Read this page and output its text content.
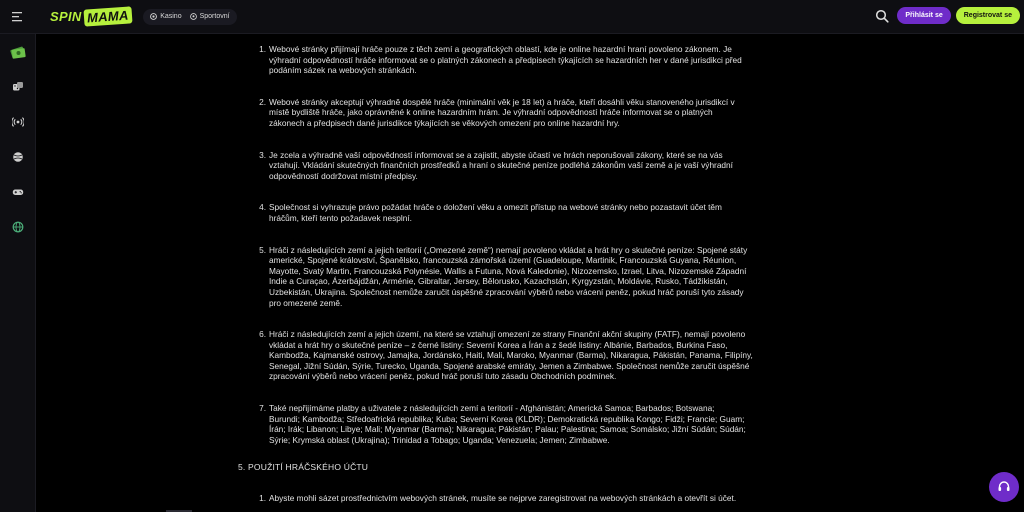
SPIN MAMA	Kasino	Sportovní	Přihlásit se	Registrovat se
1. Webové stránky přijímají hráče pouze z těch zemí a geografických oblastí, kde je online hazardní hraní povoleno zákonem. Je
výhradní odpovědností hráče informovat se o platných zákonech a předpisech týkajících se hazardních her v dané jurisdikci před
podáním sázek na webových stránkách.
2. Webové stránky akceptují výhradně dospělé hráče (minimální věk je 18 let) a hráče, kteří dosáhli věku stanoveného jurisdikcí v
místě bydliště hráče, jako oprávněné k online hazardním hrám. Je výhradní odpovědností hráče informovat se o platných
zákonech a předpisech dané jurisdikce týkajících se věkových omezení pro online hazardní hry.
3. Je zcela a výhradně vaší odpovědností informovat se a zajistit, abyste účastí ve hrách neporušovali zákony, které se na vás
vztahují. Vkládání skutečných finančních prostředků a hraní o skutečné peníze podléhá zákonům vaší země a je vaší výhradní
odpovědností dodržovat místní předpisy.
4. Společnost si vyhrazuje právo požádat hráče o doložení věku a omezit přístup na webové stránky nebo pozastavit účet těm
hráčům, kteří tento požadavek nesplní.
5. Hráči z následujících zemí a jejich teritorií („Omezené země“) nemají povoleno vkládat a hrát hry o skutečné peníze: Spojené státy
americké, Spojené království, Španělsko, francouzská zámořská území (Guadeloupe, Martinik, Francouzská Guyana, Réunion,
Mayotte, Svatý Martin, Francouzská Polynésie, Wallis a Futuna, Nová Kaledonie), Nizozemsko, Izrael, Litva, Nizozemské Západní
Indie a Curaçao, Ázerbájdžán, Arménie, Gibraltar, Jersey, Bělorusko, Kazachstán, Kyrgyzstán, Moldávie, Rusko, Tádžikistán,
Uzbekistán, Ukrajina. Společnost nemůže zaručit úspěšné zpracování výběrů nebo vrácení peněz, pokud hráč poruší tyto zásady
pro omezené země.
6. Hráči z následujících zemí a jejich území, na které se vztahují omezení ze strany Finanční akční skupiny (FATF), nemají povoleno
vkládat a hrát hry o skutečné peníze – z černé listiny: Severní Korea a Írán a z šedé listiny: Albánie, Barbados, Burkina Faso,
Kambodža, Kajmanské ostrovy, Jamajka, Jordánsko, Haiti, Mali, Maroko, Myanmar (Barma), Nikaragua, Pákistán, Panama, Filipíny,
Senegal, Jižní Súdán, Sýrie, Turecko, Uganda, Spojené arabské emiráty, Jemen a Zimbabwe. Společnost nemůže zaručit úspěšné
zpracování výběrů nebo vrácení peněz, pokud hráč poruší tuto zásadu Obchodních podmínek.
7. Také nepřijímáme platby a uživatele z následujících zemí a teritorií - Afghánistán; Americká Samoa; Barbados; Botswana;
Burundi; Kambodža; Středoafrická republika; Kuba; Severní Korea (KLDR); Demokratická republika Kongo; Fidži; Francie; Guam;
Írán; Irák; Libanon; Libye; Mali; Myanmar (Barma); Nikaragua; Pákistán; Palau; Palestina; Samoa; Somálsko; Jižní Súdán; Súdán;
Sýrie; Krymská oblast (Ukrajina); Trinidad a Tobago; Uganda; Venezuela; Jemen; Zimbabwe.
5. POUŽITÍ HRÁČSKÉHO ÚČTU
1. Abyste mohli sázet prostřednictvím webových stránek, musíte se nejprve zaregistrovat na webových stránkách a otevřít si účet.
